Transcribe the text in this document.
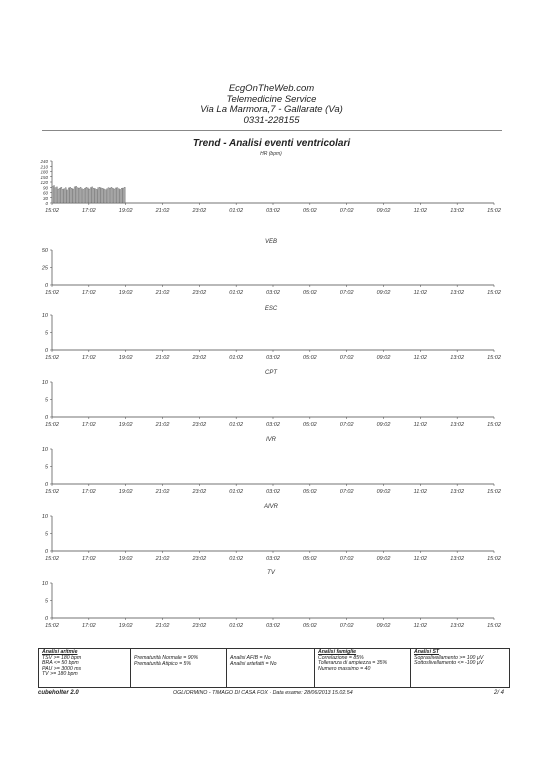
EcgOnTheWeb.com
Telemedicine Service
Via La Marmora,7 - Gallarate (Va)
0331-228155
Trend - Analisi eventi ventricolari
HR (bpm)
240
210
180
150
120
90
60
30
0
15:02	17:02	19:02	21:02	23:02	01:02	03:02	05:02	07:02	09:02	11:02	13:02	15:02
VEB
50
25
0
15:02	17:02	19:02	21:02	23:02	01:02	03:02	05:02	07:02	09:02	11:02	13:02	15:02
ESC
10
5
0
15:02	17:02	19:02	21:02	23:02	01:02	03:02	05:02	07:02	09:02	11:02	13:02	15:02
CPT
10
5
0
15:02	17:02	19:02	21:02	23:02	01:02	03:02	05:02	07:02	09:02	11:02	13:02	15:02
IVR
10
5
0
15:02	17:02	19:02	21:02	23:02	01:02	03:02	05:02	07:02	09:02	11:02	13:02	15:02
AIVR
10
5
0
15:02	17:02	19:02	21:02	23:02	01:02	03:02	05:02	07:02	09:02	11:02	13:02	15:02
TV
10
5
0
15:02	17:02	19:02	21:02	23:02	01:02	03:02	05:02	07:02	09:02	11:02	13:02	15:02
Analisi aritmie
TSV >= 180 bpm
BRA <= 50 bpm
PAU >= 3000 ms
TV >= 180 bpm
Prematurità Normale = 90%
Prematurità Atipico = 5%
Analisi AFIB = No
Analisi artefatti = No
Analisi famiglie
Correlazione = 85%
Tolleranza di ampiezza = 35%
Numero massimo = 40
Analisi ST
Sopraslivellamento >= 100 µV
Sottoslivellamento <= -100 µV
cubeholter 2.0	OGLIORMINO - TIMAGO DI CASA FOX · Data esame: 28/06/2013 15.02.54	2/ 4
